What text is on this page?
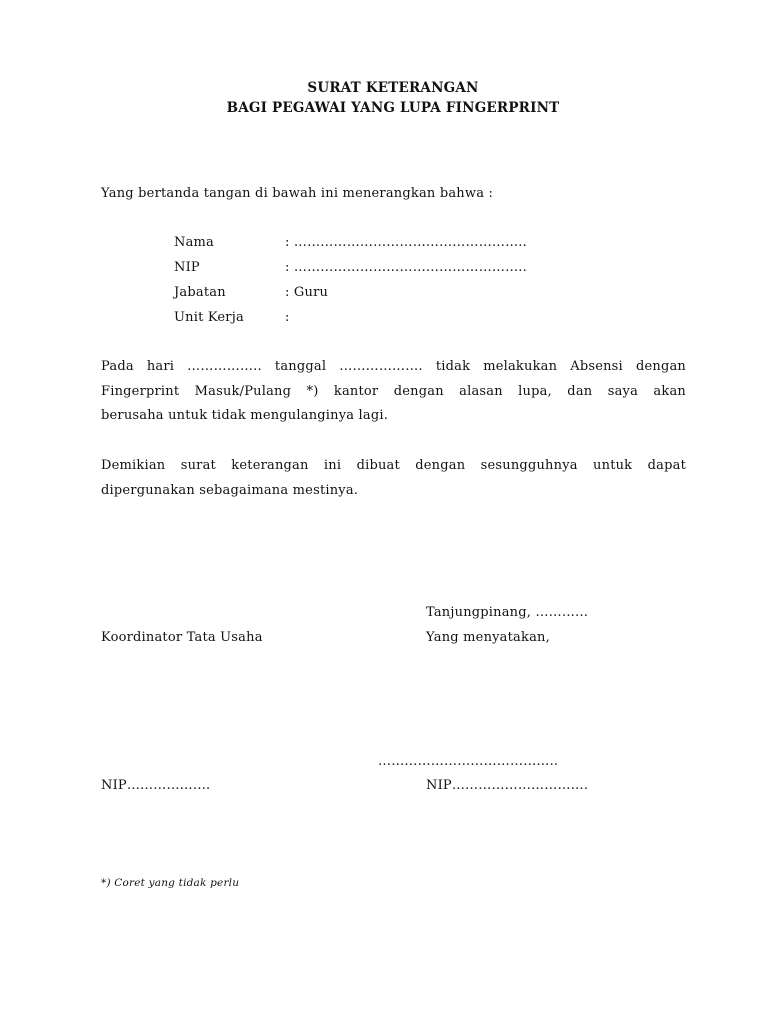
SURAT KETERANGAN
BAGI PEGAWAI YANG LUPA FINGERPRINT
Yang bertanda tangan di bawah ini menerangkan bahwa :
Nama	: ……………………………………………..
NIP	: ……………………………………………..
Jabatan	: Guru
Unit Kerja	:
Pada hari …………….. tanggal ………………. tidak melakukan Absensi dengan
Fingerprint Masuk/Pulang *) kantor dengan alasan lupa, dan saya akan
berusaha untuk tidak mengulanginya lagi.
Demikian surat keterangan ini dibuat dengan sesungguhnya untuk dapat
dipergunakan sebagaimana mestinya.
Tanjungpinang, …………
Koordinator Tata Usaha	Yang menyatakan,
…………………………………..
NIP……………….	NIP………………………….
*) Coret yang tidak perlu
